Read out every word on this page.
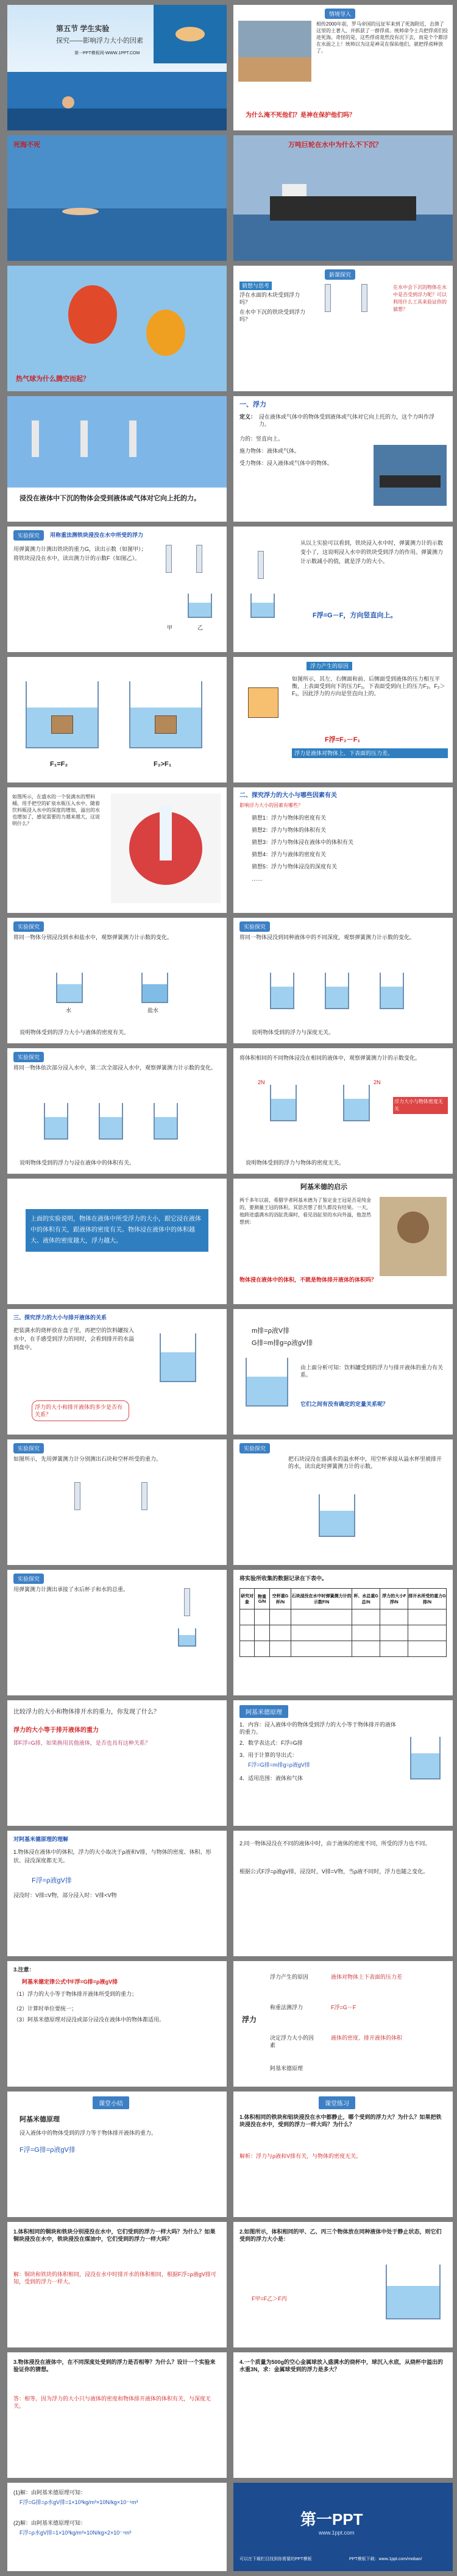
第五节 学生实验
探究——影响浮力大小的因素
第一PPT模板网-WWW.1PPT.COM
情境导入
相传2000年前，罗马帝国的远征军来到了死海附近，击溃了这里的土著人，并抓获了一群俘虏。统帅命令士兵把俘虏们投进死海。奇怪的是，这些俘虏竟然没有沉下去，而是个个都浮在水面之上！统帅以为这是神灵在保佑他们，就把俘虏释放了。
为什么淹不死他们？是神在保护他们吗？
死海不死	万吨巨轮在水中为什么不下沉？
热气球为什么腾空而起？
新课探究
猜想与思考
浮在水面的木块受到浮力吗？
在水中下沉的铁块受到浮力吗？
在水中会下沉的物体在水中是否受到浮力呢？可以利用什么工具来验证你的猜想？
浸没在液体中下沉的物体会受到液体或气体对它向上托的力。
一、浮力
定义： 浸在液体或气体中的物体受到液体或气体对它向上托的力，这个力叫作浮力。
力的：竖直向上。
施力物体：液体或气体。
受力物体：浸入液体或气体中的物体。
实验探究	用称重法测铁块浸没在水中所受的浮力
用弹簧测力计测出铁块的重力G，读出示数（如图甲）；将铁块浸没在水中，读出测力计的示数F（如图乙）。
甲	乙
从以上实验可以看到，铁块浸入水中时，弹簧测力计的示数变小了，这说明浸入水中的铁块受到浮力的作用。弹簧测力计示数减小的值，就是浮力的大小。
F浮=G－F，方向竖直向上。
F₁=F₂	F₂>F₁
浮力产生的原因
如图所示，其左、右侧面和前、后侧面受到液体的压力相互平衡，上表面受到向下的压力F₁，下表面受到向上的压力F₂，F₂＞F₁，因此浮力的方向是竖直向上的。
F浮=F₂－F₁
浮力是液体对物体上、下表面的压力差。
如图所示，在盛水的一个装满水的塑料桶，用手把空的矿泉水瓶压入水中，随着饮料瓶浸入水中的深度的增加，溢出的水也增加了，感觉需要的力越来越大，这说明什么？
二、探究浮力的大小与哪些因素有关
影响浮力大小的因素有哪些？
猜想1：浮力与物体的密度有关
猜想2：浮力与物体的体积有关
猜想3：浮力与物体浸在液体中的体积有关
猜想4：浮力与液体的密度有关
猜想5：浮力与物体浸没的深度有关
……
实验探究
将同一物体分别浸没到水和盐水中，观察弹簧测力计示数的变化。
水	盐水
说明物体受到的浮力大小与液体的密度有关。
实验探究
将同一物体浸没到同种液体中的不同深度，观察弹簧测力计示数的变化。
说明物体受到的浮力与深度无关。
实验探究
将同一物体依次部分浸入水中，第二次全部浸入水中，观察弹簧测力计示数的变化。
说明物体受到的浮力与浸在液体中的体积有关。
将体积相同的不同物体浸没在相同的液体中，观察弹簧测力计的示数变化。
2N	2N
浮力大小与物体密度无关
说明物体受到的浮力与物体的密度无关。
上面的实验说明，物体在液体中所受浮力的大小，跟它浸在液体中的体积有关，跟液体的密度有关。物体浸在液体中的体积越大、液体的密度越大，浮力越大。
阿基米德的启示
两千多年以前，希腊学者阿基米德为了鉴定金王冠是否是纯金的，要测量王冠的体积，冥思苦想了很久都没有结果。一天，他跨进盛满水的浴缸洗澡时，看见浴缸里的水向外溢，他忽然想到：
物体浸在液体中的体积，不就是物体排开液体的体积吗？
三、探究浮力的大小与排开液体的关系
把装满水的烧杯放在盘子里，再把空的饮料罐按入水中，在手感受到浮力的同时，会看到排开的水溢到盘中。
浮力的大小和排开液体的多少是否有关系？
m排=ρ液V排
G排=m排g=ρ液gV排
由上面分析可知：饮料罐受到的浮力与排开液体的重力有关系。
它们之间有没有确定的定量关系呢？
实验探究
如图所示，先用弹簧测力计分别测出石块和空杯所受的重力。
实验探究
把石块浸没在盛满水的溢水杯中，用空杯承接从溢水杯里被排开的水，读出此时弹簧测力计的示数。
实验探究
用弹簧测力计测出承接了水后杯子和水的总重。
将实验所收集的数据记录在下表中。
研究对象	物重G/N	空杯重G杯/N	石块浸没在水中时弹簧测力计的示数F/N	杯、水总重G总/N	浮力的大小F浮/N	排开水所受的重力G排/N

比较浮力的大小和物体排开水的重力，你发现了什么？
浮力的大小等于排开液体的重力
即F浮=G排，如果换用其他液体，是否也具有这种关系？
阿基米德原理
1．内容：浸入液体中的物体受到浮力的大小等于物体排开的液体的重力。
2．数学表达式：F浮=G排
3．用于计算的导出式：
F浮=G排=m排g=ρ液gV排
4．适用范围：液体和气体
对阿基米德原理的理解
1.物体浸在液体中的体积，浮力的大小取决于ρ液和V排，与物体的密度、体积、形状、浸没深度都无关。
F浮=ρ液gV排
浸没时：V排=V物，部分浸入时：V排<V物
2.同一物体浸没在不同的液体中时，由于液体的密度不同，所受的浮力也不同。
根据公式F浮=ρ液gV排，浸没时，V排=V物，当ρ液不同时，浮力也随之变化。
3.注意：
阿基米德定律公式中F浮=G排=ρ液gV排
（1）浮力的大小等于物体排开液体所受到的重力；
（2）计算时单位要统一；
（3）阿基米德原理对浸没或部分浸没在液体中的物体都适用。	浮力
浮力产生的原因	液体对物体上下表面的压力差
称重法测浮力	F浮=G－F
决定浮力大小的因素
液体的密度、排开液体的体积
阿基米德原理
课堂小结
阿基米德原理
浸入液体中的物体受到的浮力等于物体排开液体的重力。
F浮=G排=ρ液gV排
课堂练习
1.体积相同的铁块和铝块浸没在水中都静止，哪个受到的浮力大？为什么？如果把铁块浸没在水中，受到的浮力一样大吗？为什么？
解析：浮力与ρ液和V排有关，与物体的密度无关。
1.体积相同的铜块和铁块分别浸没在水中，它们受到的浮力一样大吗？为什么？如果铜块浸没在水中，铁块浸没在煤油中，它们受到的浮力一样大吗？
解：铜块和铁块的体积相同，浸没在水中时排开水的体积相同，根据F浮=ρ液gV排可知，受到的浮力一样大。
2.如图所示，体积相同的甲、乙、丙三个物体放在同种液体中处于静止状态，则它们受到的浮力大小是：
F甲=F乙＞F丙
3.物体浸没在液体中，在不同深度处受到的浮力是否相等？为什么？设计一个实验来验证你的猜想。
答：相等。因为浮力的大小只与液体的密度和物体排开液体的体积有关，与深度无关。
4.一个质量为500g的空心金属球放入盛满水的烧杯中，球沉入水底，从烧杯中溢出的水重3N，求：金属球受到的浮力是多大？
(1)解：由阿基米德原理可知：
F浮=G排=ρ水gV排=1×10³kg/m³×10N/kg×10⁻⁴m³
(2)解：由阿基米德原理可知：
F浮=ρ水gV排=1×10³kg/m³×10N/kg×2×10⁻⁴m³
第一PPT
www.1ppt.com
可以在下载栏目找到你需要的PPT模板	PPT模板下载：www.1ppt.com/moban/
